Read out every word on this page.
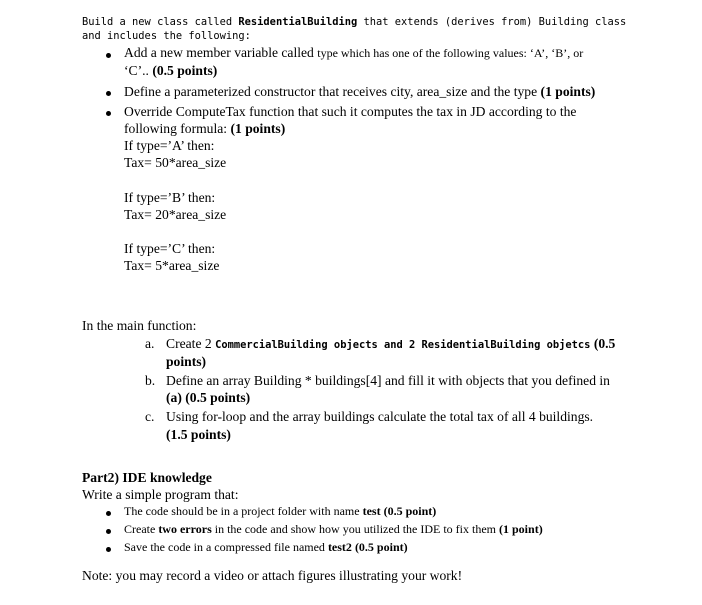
Build a new class called ResidentialBuilding that extends (derives from) Building class
and includes the following:
Add a new member variable called type which has one of the following values: ‘A’, ‘B’, or
‘C’.. (0.5 points)
Define a parameterized constructor that receives city, area_size and the type (1 points)
Override ComputeTax function that such it computes the tax in JD according to the
following formula: (1 points)
If type=’A’ then:
Tax= 50*area_size
If type=’B’ then:
Tax= 20*area_size
If type=’C’ then:
Tax= 5*area_size
In the main function:
a. Create 2 CommercialBuilding objects and 2 ResidentialBuilding objetcs (0.5
points)
b. Define an array Building * buildings[4] and fill it with objects that you defined in
(a) (0.5 points)
c. Using for-loop and the array buildings calculate the total tax of all 4 buildings.
(1.5 points)
Part2) IDE knowledge
Write a simple program that:
The code should be in a project folder with name test (0.5 point)
Create two errors in the code and show how you utilized the IDE to fix them (1 point)
Save the code in a compressed file named test2 (0.5 point)
Note: you may record a video or attach figures illustrating your work!
